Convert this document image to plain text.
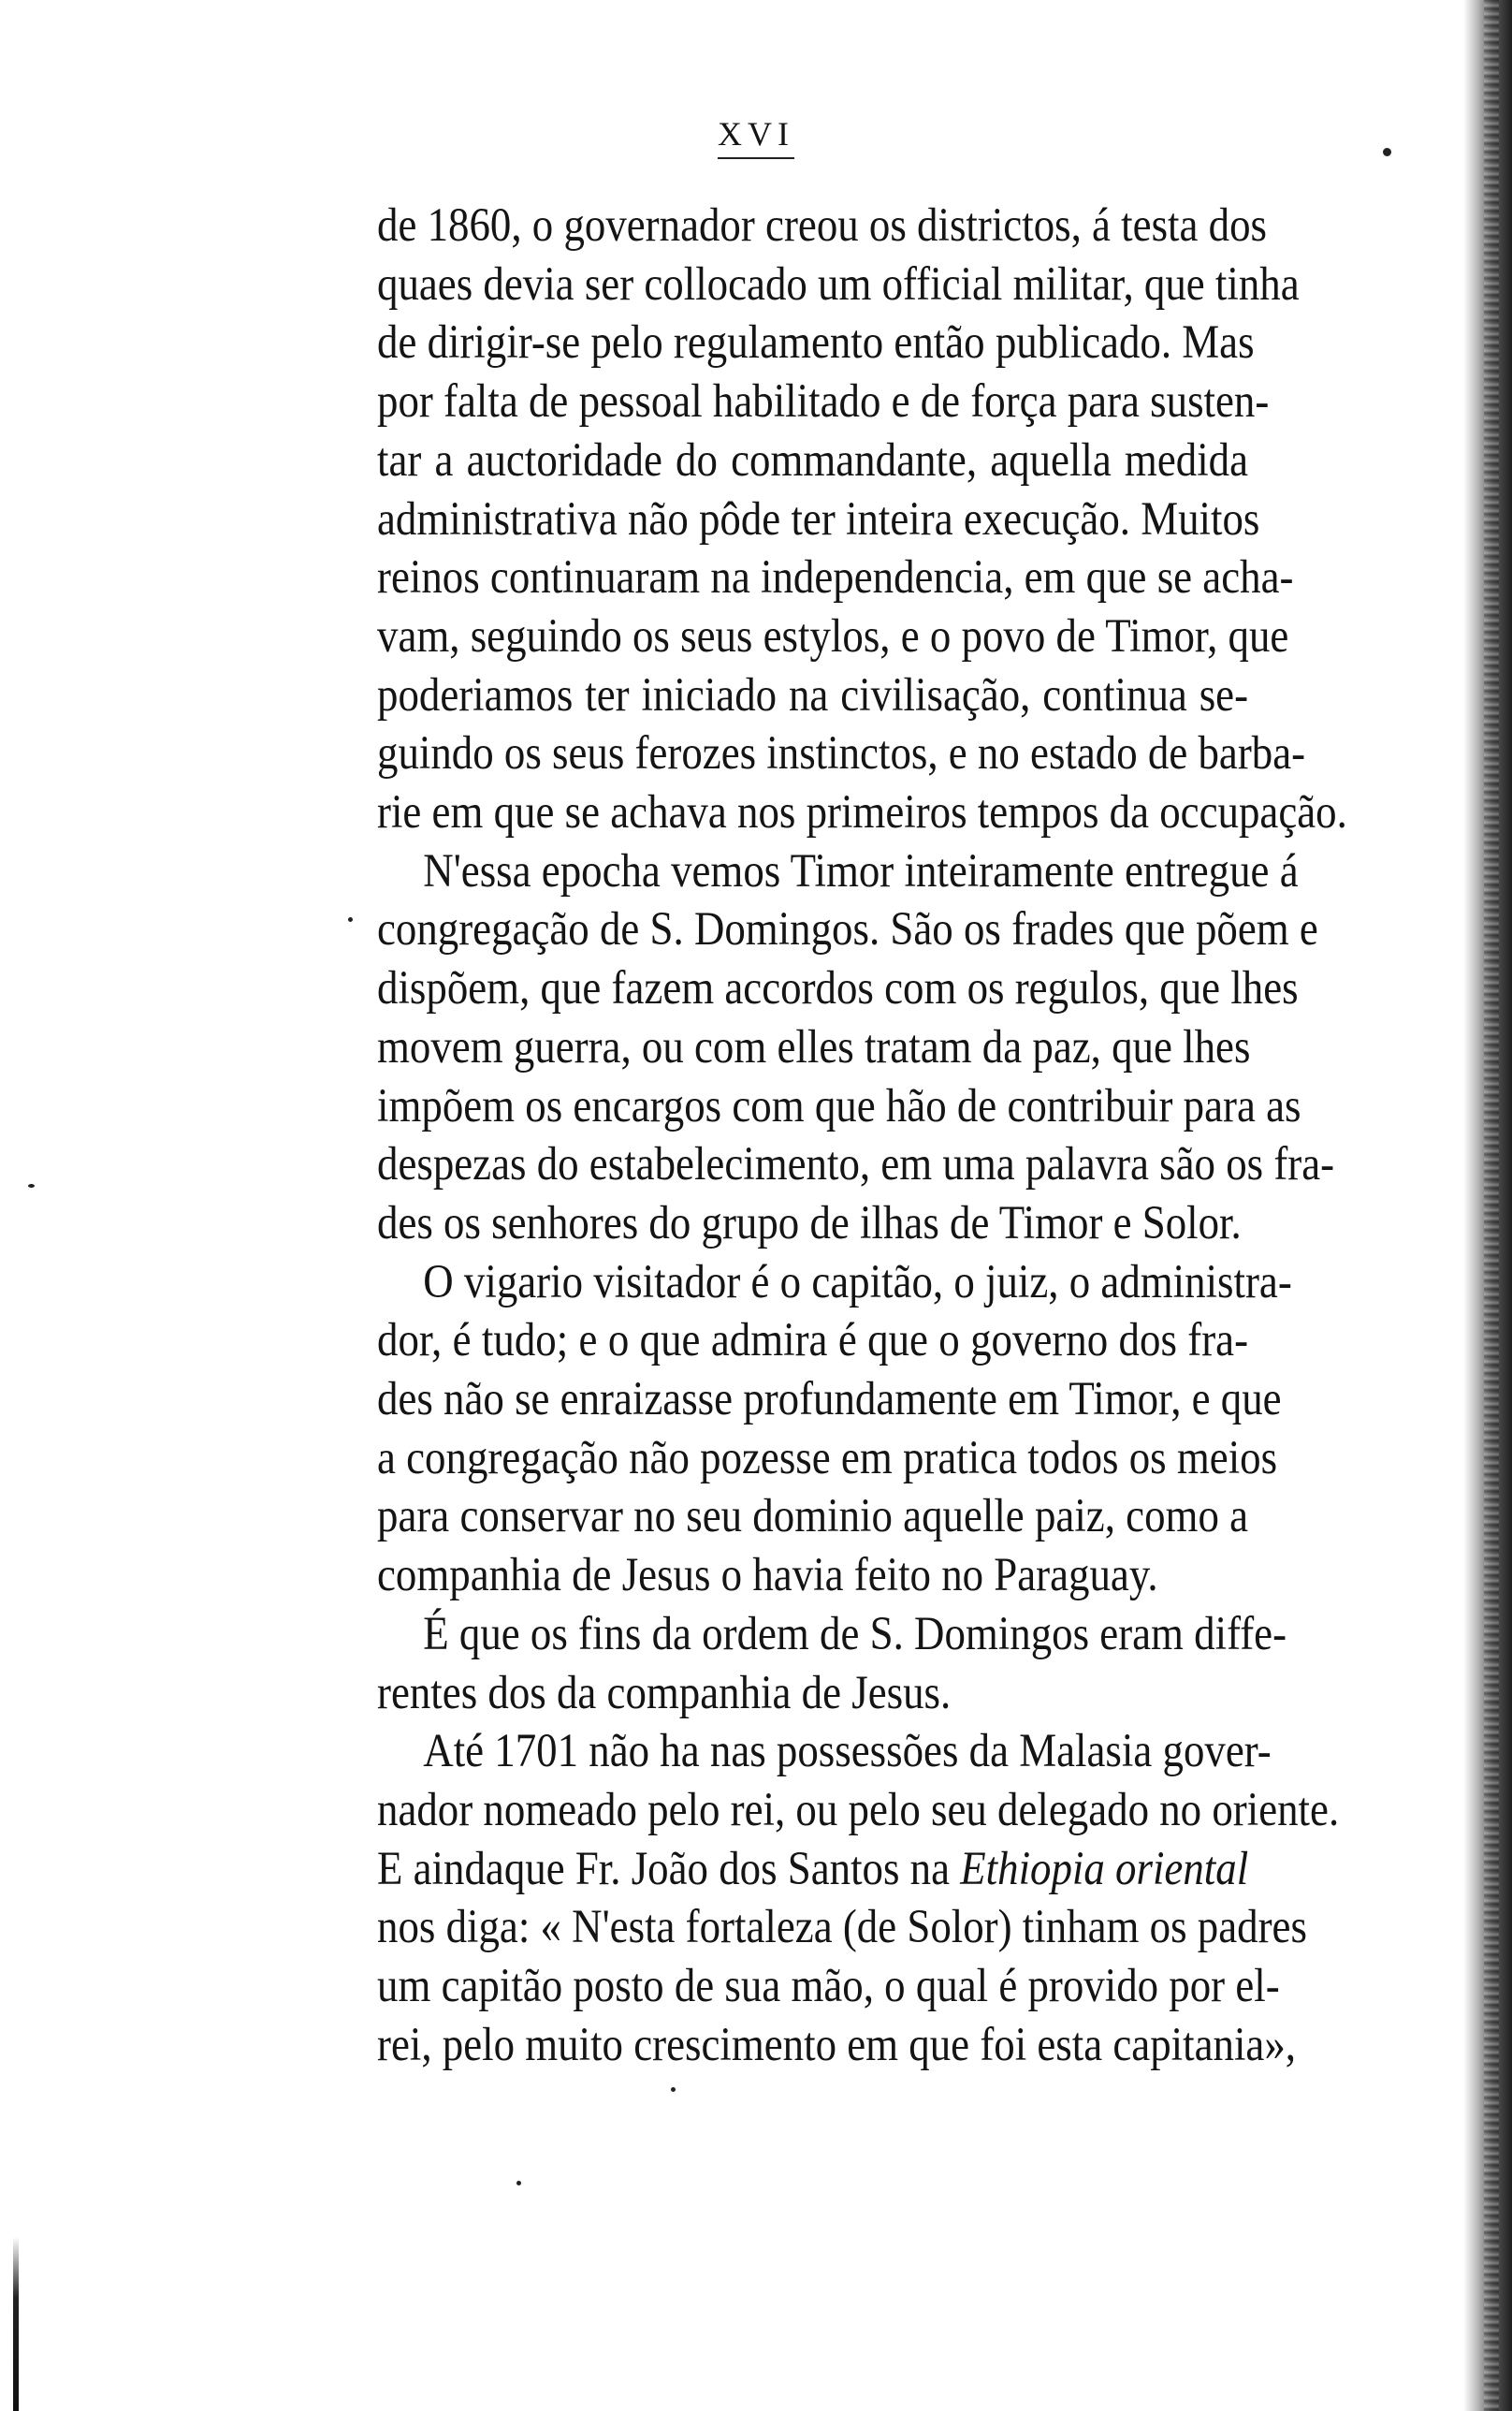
XVI

de 1860, o governador creou os districtos, á testa dos
quaes devia ser collocado um official militar, que tinha
de dirigir-se pelo regulamento então publicado. Mas
por falta de pessoal habilitado e de força para susten-
tar a auctoridade do commandante, aquella medida
administrativa não pôde ter inteira execução. Muitos
reinos continuaram na independencia, em que se acha-
vam, seguindo os seus estylos, e o povo de Timor, que
poderiamos ter iniciado na civilisação, continua se-
guindo os seus ferozes instinctos, e no estado de barba-
rie em que se achava nos primeiros tempos da occupação.

N'essa epocha vemos Timor inteiramente entregue á
congregação de S. Domingos. São os frades que põem e
dispõem, que fazem accordos com os regulos, que lhes
movem guerra, ou com elles tratam da paz, que lhes
impõem os encargos com que hão de contribuir para as
despezas do estabelecimento, em uma palavra são os fra-
des os senhores do grupo de ilhas de Timor e Solor.

O vigario visitador é o capitão, o juiz, o administra-
dor, é tudo; e o que admira é que o governo dos fra-
des não se enraizasse profundamente em Timor, e que
a congregação não pozesse em pratica todos os meios
para conservar no seu dominio aquelle paiz, como a
companhia de Jesus o havia feito no Paraguay.

É que os fins da ordem de S. Domingos eram diffe-
rentes dos da companhia de Jesus.

Até 1701 não ha nas possessões da Malasia gover-
nador nomeado pelo rei, ou pelo seu delegado no oriente.
E aindaque Fr. João dos Santos na Ethiopia oriental
nos diga: « N'esta fortaleza (de Solor) tinham os padres
um capitão posto de sua mão, o qual é provido por el-
rei, pelo muito crescimento em que foi esta capitania»,
